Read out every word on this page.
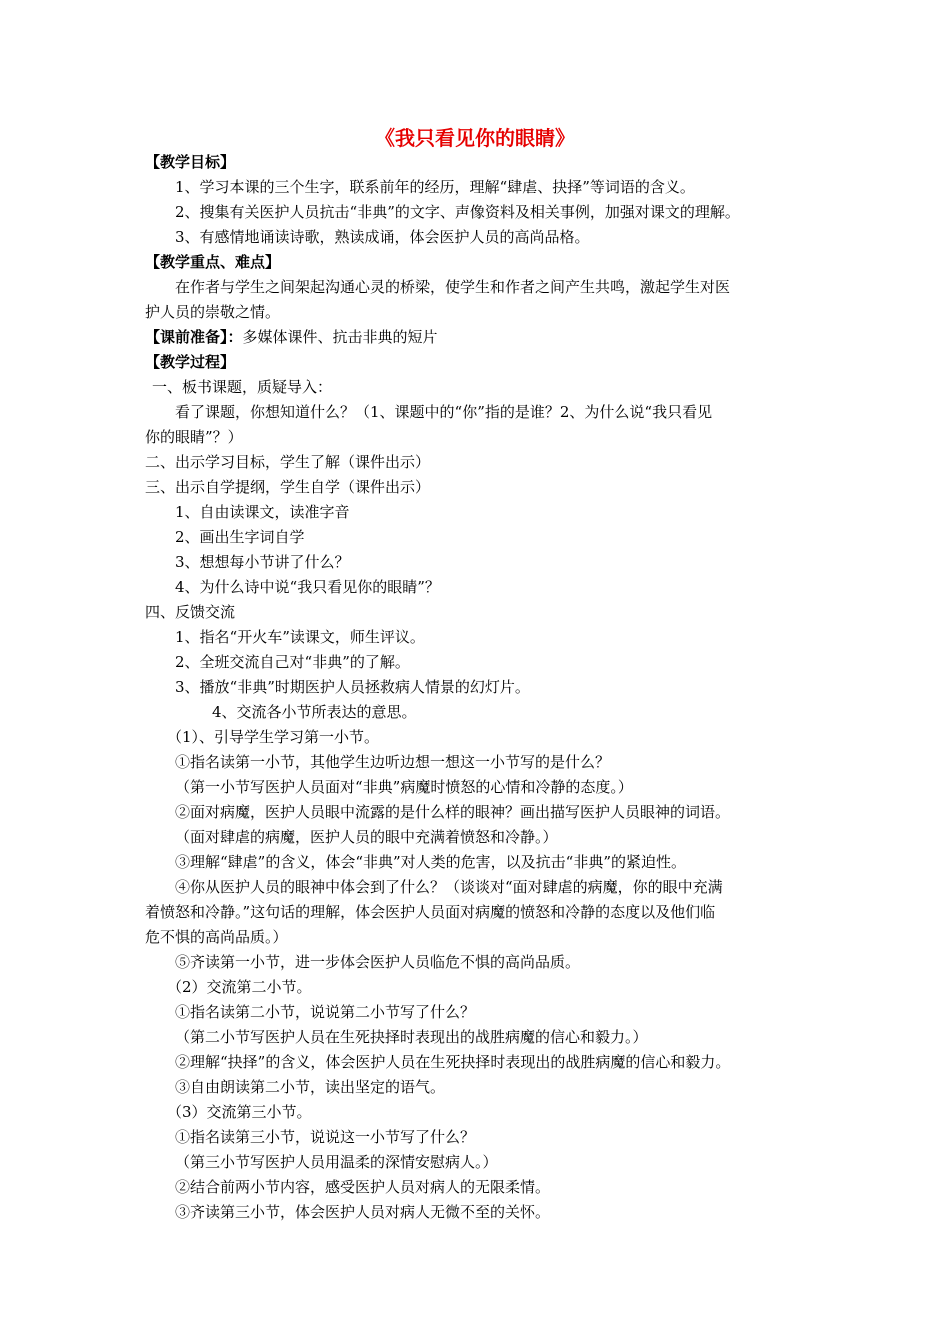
《我只看见你的眼睛》
【教学目标】
1、学习本课的三个生字，联系前年的经历，理解“肆虐、抉择”等词语的含义。
2、搜集有关医护人员抗击“非典”的文字、声像资料及相关事例，加强对课文的理解。
3、有感情地诵读诗歌，熟读成诵，体会医护人员的高尚品格。
【教学重点、难点】
在作者与学生之间架起沟通心灵的桥梁，使学生和作者之间产生共鸣，激起学生对医
护人员的崇敬之情。
【课前准备】：多媒体课件、抗击非典的短片
【教学过程】
一、板书课题，质疑导入：
看了课题，你想知道什么？（1、课题中的“你”指的是谁？2、为什么说“我只看见
你的眼睛”？）
二、出示学习目标，学生了解（课件出示）
三、出示自学提纲，学生自学（课件出示）
1、自由读课文，读准字音
2、画出生字词自学
3、想想每小节讲了什么？
4、为什么诗中说“我只看见你的眼睛”？
四、反馈交流
1、指名“开火车”读课文，师生评议。
2、全班交流自己对“非典”的了解。
3、播放“非典”时期医护人员拯救病人情景的幻灯片。
4、交流各小节所表达的意思。
（1）、引导学生学习第一小节。
①指名读第一小节，其他学生边听边想一想这一小节写的是什么？
（第一小节写医护人员面对“非典”病魔时愤怒的心情和冷静的态度。）
②面对病魔，医护人员眼中流露的是什么样的眼神？画出描写医护人员眼神的词语。
（面对肆虐的病魔，医护人员的眼中充满着愤怒和冷静。）
③理解“肆虐”的含义，体会“非典”对人类的危害，以及抗击“非典”的紧迫性。
④你从医护人员的眼神中体会到了什么？（谈谈对“面对肆虐的病魔，你的眼中充满
着愤怒和冷静。”这句话的理解，体会医护人员面对病魔的愤怒和冷静的态度以及他们临
危不惧的高尚品质。）
⑤齐读第一小节，进一步体会医护人员临危不惧的高尚品质。
（2）交流第二小节。
①指名读第二小节，说说第二小节写了什么？
（第二小节写医护人员在生死抉择时表现出的战胜病魔的信心和毅力。）
②理解“抉择”的含义，体会医护人员在生死抉择时表现出的战胜病魔的信心和毅力。
③自由朗读第二小节，读出坚定的语气。
（3）交流第三小节。
①指名读第三小节，说说这一小节写了什么？
（第三小节写医护人员用温柔的深情安慰病人。）
②结合前两小节内容，感受医护人员对病人的无限柔情。
③齐读第三小节，体会医护人员对病人无微不至的关怀。
